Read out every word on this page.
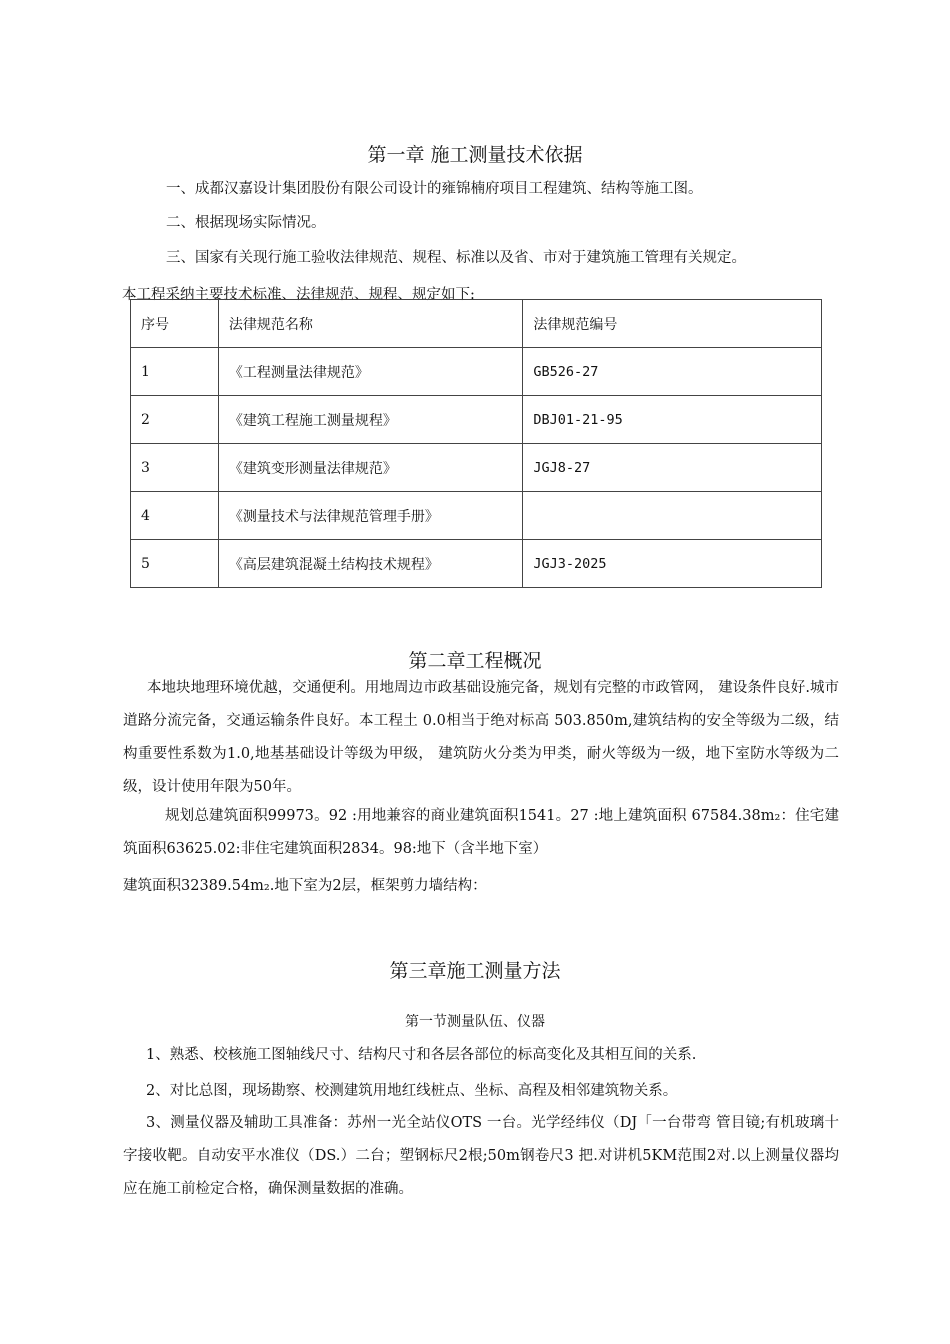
第一章 施工测量技术依据
一、成都汉嘉设计集团股份有限公司设计的雍锦楠府项目工程建筑、结构等施工图。
二、根据现场实际情况。
三、国家有关现行施工验收法律规范、规程、标准以及省、市对于建筑施工管理有关规定。
本工程采纳主要技术标准、法律规范、规程、规定如下:
序号	法律规范名称	法律规范编号
1	《工程测量法律规范》	GB526-27
2	《建筑工程施工测量规程》	DBJ01-21-95
3	《建筑变形测量法律规范》	JGJ8-27
4	《测量技术与法律规范管理手册》	
5	《高层建筑混凝土结构技术规程》	JGJ3-2025
第二章工程概况
本地块地理环境优越，交通便利。用地周边市政基础设施完备，规划有完整的市政管网， 建设条件良好.城市道路分流完备，交通运输条件良好。本工程土 0.0相当于绝对标高 503.850m,建筑结构的安全等级为二级，结构重要性系数为1.0,地基基础设计等级为甲级， 建筑防火分类为甲类，耐火等级为一级，地下室防水等级为二级，设计使用年限为50年。
规划总建筑面积99973。92 :用地兼容的商业建筑面积1541。27 :地上建筑面积 67584.38m₂：住宅建筑面积63625.02:非住宅建筑面积2834。98:地下（含半地下室）
建筑面积32389.54m₂.地下室为2层，框架剪力墙结构：
第三章施工测量方法
第一节测量队伍、仪器
1、熟悉、校核施工图轴线尺寸、结构尺寸和各层各部位的标高变化及其相互间的关系.
2、对比总图，现场勘察、校测建筑用地红线桩点、坐标、高程及相邻建筑物关系。
3、测量仪器及辅助工具准备：苏州一光全站仪OTS 一台。光学经纬仪（DJ「一台带弯 管目镜;有机玻璃十字接收靶。自动安平水准仪（DS.）二台；塑钢标尺2根;50m钢卷尺3 把.对讲机5KM范围2对.以上测量仪器均应在施工前检定合格，确保测量数据的准确。
